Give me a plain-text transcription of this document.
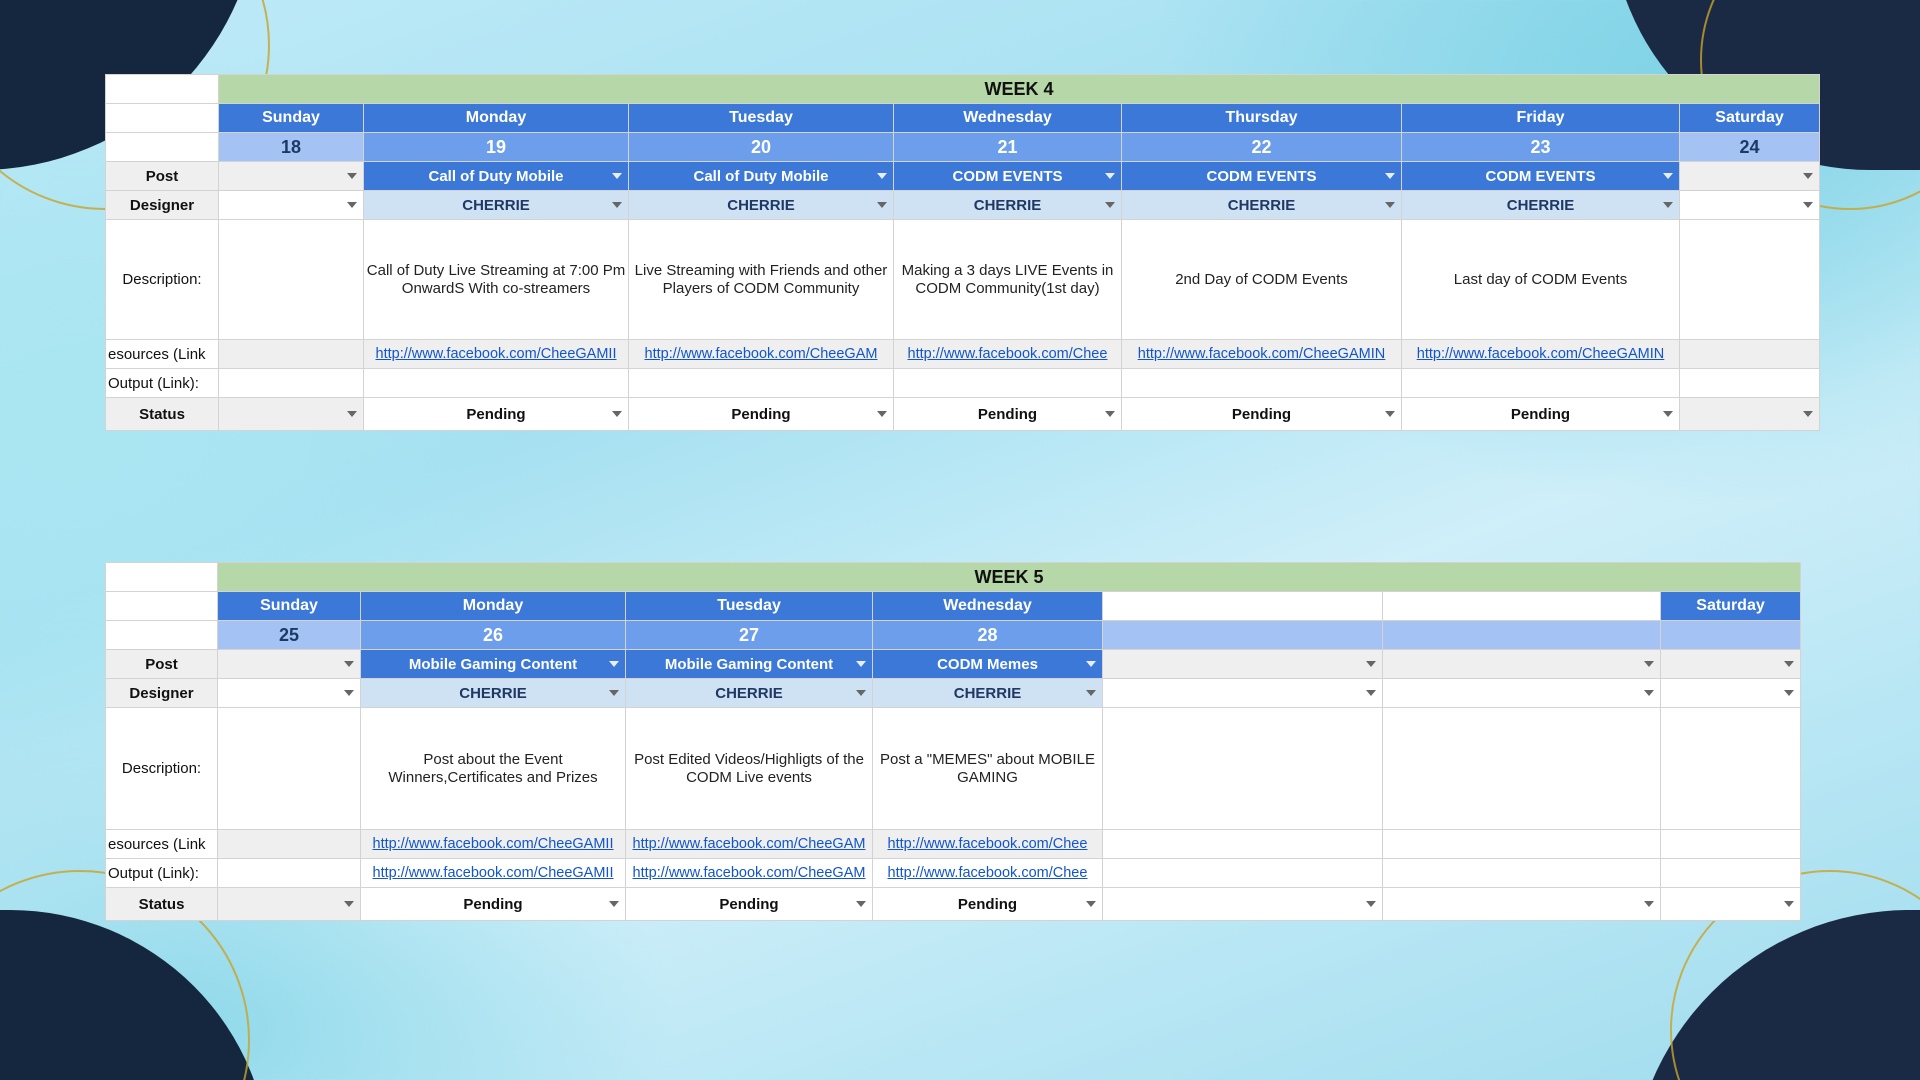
	WEEK 4						
	Sunday	Monday	Tuesday	Wednesday	Thursday	Friday	Saturday
	18	19	20	21	22	23	24
Post		Call of Duty Mobile	Call of Duty Mobile	CODM EVENTS	CODM EVENTS	CODM EVENTS	

Designer		CHERRIE	CHERRIE	CHERRIE	CHERRIE	CHERRIE	

Description:		Call of Duty Live Streaming at 7:00 Pm OnwardS With co-streamers	Live Streaming with Friends and other Players of CODM Community	Making a 3 days LIVE Events in CODM Community(1st day)	2nd Day of CODM Events	Last day of CODM Events	
esources (Link		http://www.facebook.com/CheeGAMII	http://www.facebook.com/CheeGAM	http://www.facebook.com/Chee	http://www.facebook.com/CheeGAMIN	http://www.facebook.com/CheeGAMIN	
Output (Link):							
Status		Pending	Pending	Pending	Pending	Pending	

	WEEK 5						
	Sunday	Monday	Tuesday	Wednesday			Saturday
	25	26	27	28			
Post		Mobile Gaming Content	Mobile Gaming Content	CODM Memes			

Designer		CHERRIE	CHERRIE	CHERRIE			

Description:		Post about the Event Winners,Certificates and Prizes	Post Edited Videos/Highligts of the CODM Live events	Post a "MEMES" about MOBILE GAMING			
esources (Link		http://www.facebook.com/CheeGAMII	http://www.facebook.com/CheeGAM	http://www.facebook.com/Chee			
Output (Link):		http://www.facebook.com/CheeGAMII	http://www.facebook.com/CheeGAM	http://www.facebook.com/Chee			
Status		Pending	Pending	Pending			
